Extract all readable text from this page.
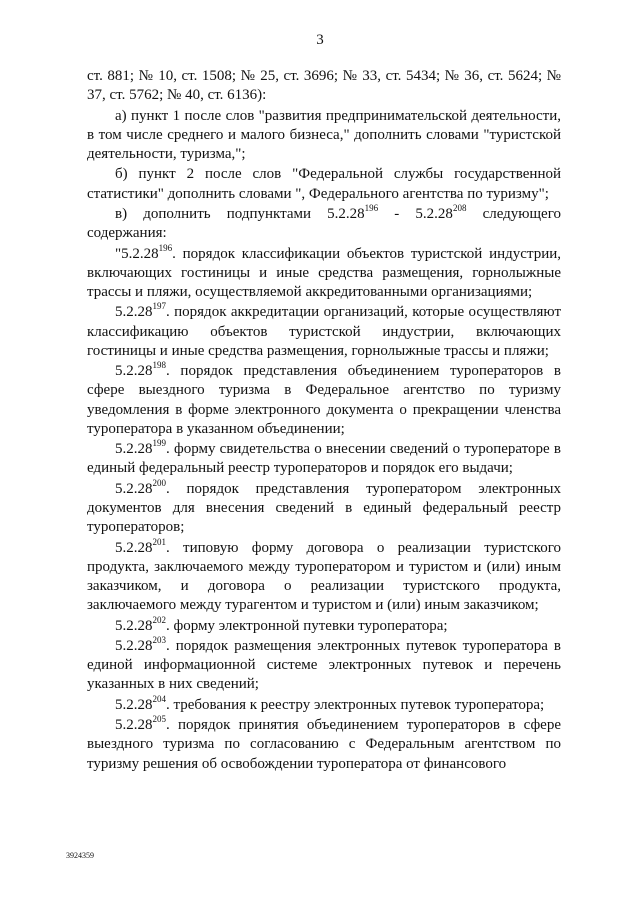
3

ст. 881; № 10, ст. 1508; № 25, ст. 3696; № 33, ст. 5434; № 36, ст. 5624; № 37, ст. 5762; № 40, ст. 6136):

а) пункт 1 после слов "развития предпринимательской деятельности, в том числе среднего и малого бизнеса," дополнить словами "туристской деятельности, туризма,";

б) пункт 2 после слов "Федеральной службы государственной статистики" дополнить словами ", Федерального агентства по туризму";

в) дополнить подпунктами 5.2.28$^{196}$ - 5.2.28$^{208}$ следующего содержания:

"5.2.28$^{196}$. порядок классификации объектов туристской индустрии, включающих гостиницы и иные средства размещения, горнолыжные трассы и пляжи, осуществляемой аккредитованными организациями;

5.2.28$^{197}$. порядок аккредитации организаций, которые осуществляют классификацию объектов туристской индустрии, включающих гостиницы и иные средства размещения, горнолыжные трассы и пляжи;

5.2.28$^{198}$. порядок представления объединением туроператоров в сфере выездного туризма в Федеральное агентство по туризму уведомления в форме электронного документа о прекращении членства туроператора в указанном объединении;

5.2.28$^{199}$. форму свидетельства о внесении сведений о туроператоре в единый федеральный реестр туроператоров и порядок его выдачи;

5.2.28$^{200}$. порядок представления туроператором электронных документов для внесения сведений в единый федеральный реестр туроператоров;

5.2.28$^{201}$. типовую форму договора о реализации туристского продукта, заключаемого между туроператором и туристом и (или) иным заказчиком, и договора о реализации туристского продукта, заключаемого между турагентом и туристом и (или) иным заказчиком;

5.2.28$^{202}$. форму электронной путевки туроператора;

5.2.28$^{203}$. порядок размещения электронных путевок туроператора в единой информационной системе электронных путевок и перечень указанных в них сведений;

5.2.28$^{204}$. требования к реестру электронных путевок туроператора;

5.2.28$^{205}$. порядок принятия объединением туроператоров в сфере выездного туризма по согласованию с Федеральным агентством по туризму решения об освобождении туроператора от финансового

3924359
